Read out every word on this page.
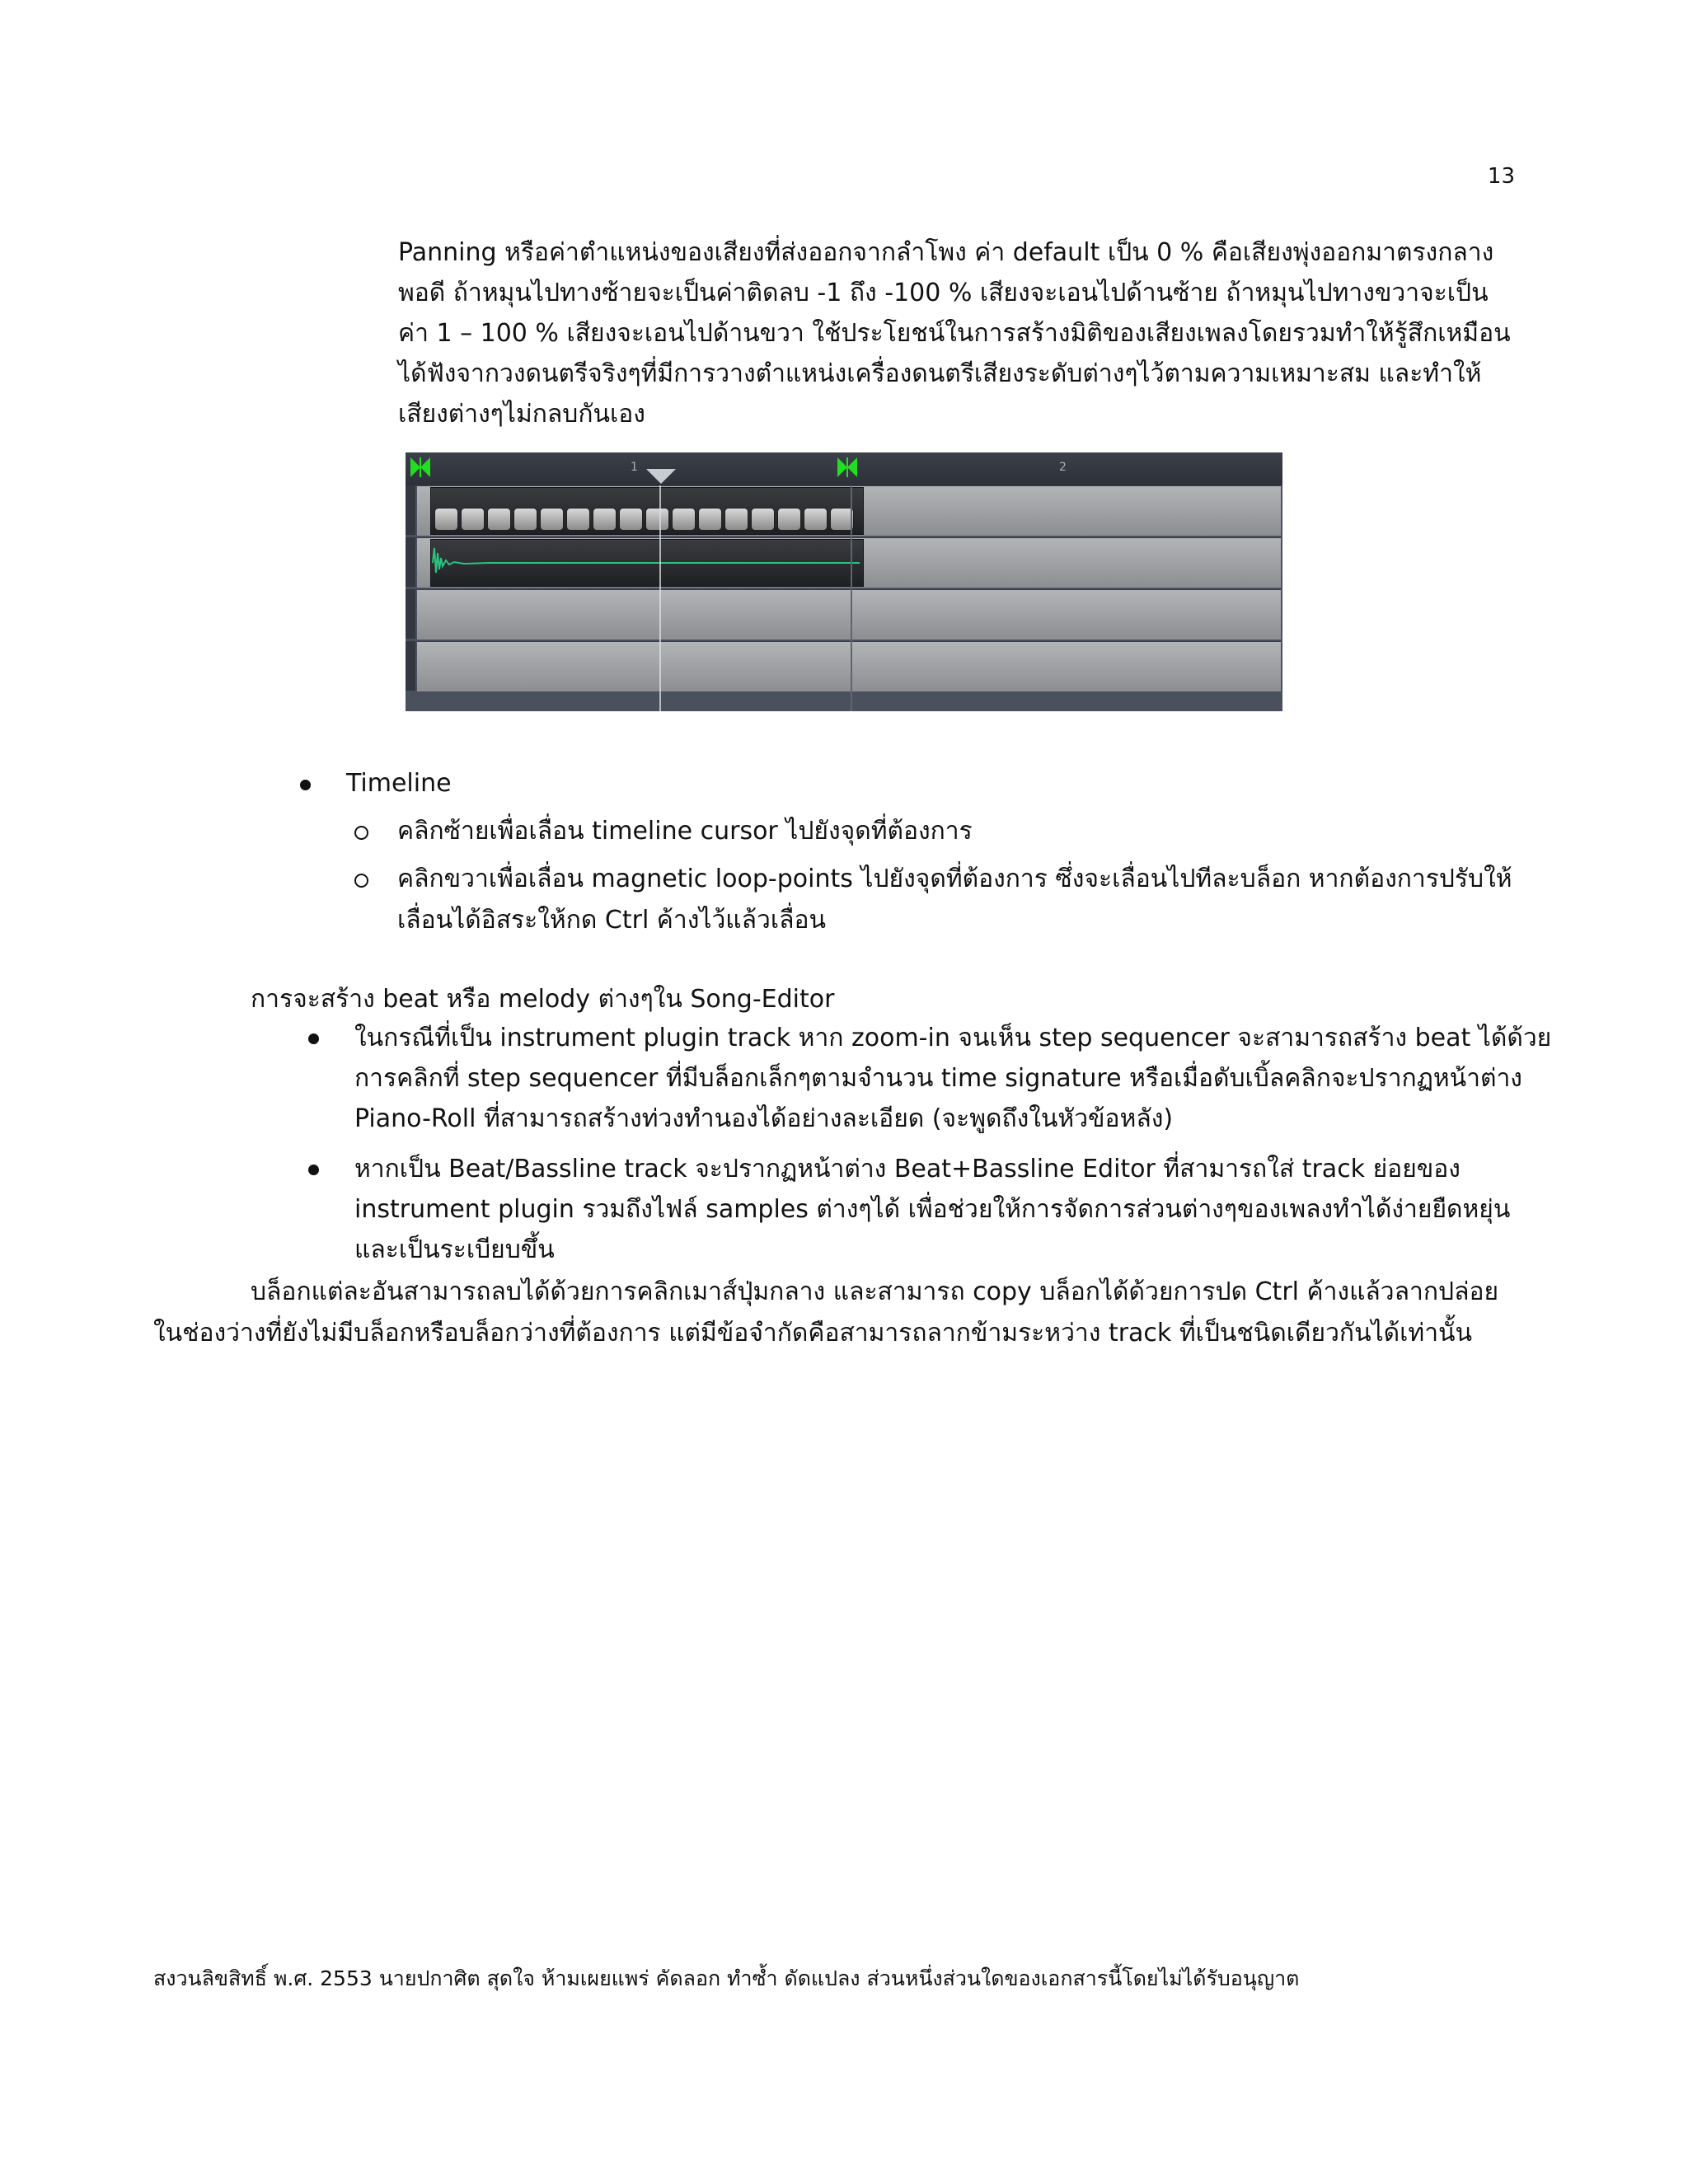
13

Panning หรือค่าตำแหน่งของเสียงที่ส่งออกจากลำโพง ค่า default เป็น 0 % คือเสียงพุ่งออกมาตรงกลาง

พอดี ถ้าหมุนไปทางซ้ายจะเป็นค่าติดลบ -1 ถึง -100 % เสียงจะเอนไปด้านซ้าย ถ้าหมุนไปทางขวาจะเป็น

ค่า 1 – 100 % เสียงจะเอนไปด้านขวา ใช้ประโยชน์ในการสร้างมิติของเสียงเพลงโดยรวมทำให้รู้สึกเหมือน

ได้ฟังจากวงดนตรีจริงๆที่มีการวางตำแหน่งเครื่องดนตรีเสียงระดับต่างๆไว้ตามความเหมาะสม และทำให้

เสียงต่างๆไม่กลบกันเอง

1	2
Timeline
คลิกซ้ายเพื่อเลื่อน timeline cursor ไปยังจุดที่ต้องการ

คลิกขวาเพื่อเลื่อน magnetic loop-points ไปยังจุดที่ต้องการ ซึ่งจะเลื่อนไปทีละบล็อก หากต้องการปรับให้

เลื่อนได้อิสระให้กด Ctrl ค้างไว้แล้วเลื่อน

การจะสร้าง beat หรือ melody ต่างๆใน Song-Editor

ในกรณีที่เป็น instrument plugin track หาก zoom-in จนเห็น step sequencer จะสามารถสร้าง beat ได้ด้วย

การคลิกที่ step sequencer ที่มีบล็อกเล็กๆตามจำนวน time signature หรือเมื่อดับเบิ้ลคลิกจะปรากฏหน้าต่าง

Piano-Roll ที่สามารถสร้างท่วงทำนองได้อย่างละเอียด (จะพูดถึงในหัวข้อหลัง)

หากเป็น Beat/Bassline track จะปรากฏหน้าต่าง Beat+Bassline Editor ที่สามารถใส่ track ย่อยของ

instrument plugin รวมถึงไฟล์ samples ต่างๆได้ เพื่อช่วยให้การจัดการส่วนต่างๆของเพลงทำได้ง่ายยืดหยุ่น

และเป็นระเบียบขึ้น

บล็อกแต่ละอันสามารถลบได้ด้วยการคลิกเมาส์ปุ่มกลาง และสามารถ copy บล็อกได้ด้วยการปด Ctrl ค้างแล้วลากปล่อย

ในช่องว่างที่ยังไม่มีบล็อกหรือบล็อกว่างที่ต้องการ แต่มีข้อจำกัดคือสามารถลากข้ามระหว่าง track ที่เป็นชนิดเดียวกันได้เท่านั้น

สงวนลิขสิทธิ์ พ.ศ. 2553 นายปกาศิต สุดใจ ห้ามเผยแพร่ คัดลอก ทำซ้ำ ดัดแปลง ส่วนหนึ่งส่วนใดของเอกสารนี้โดยไม่ได้รับอนุญาต
